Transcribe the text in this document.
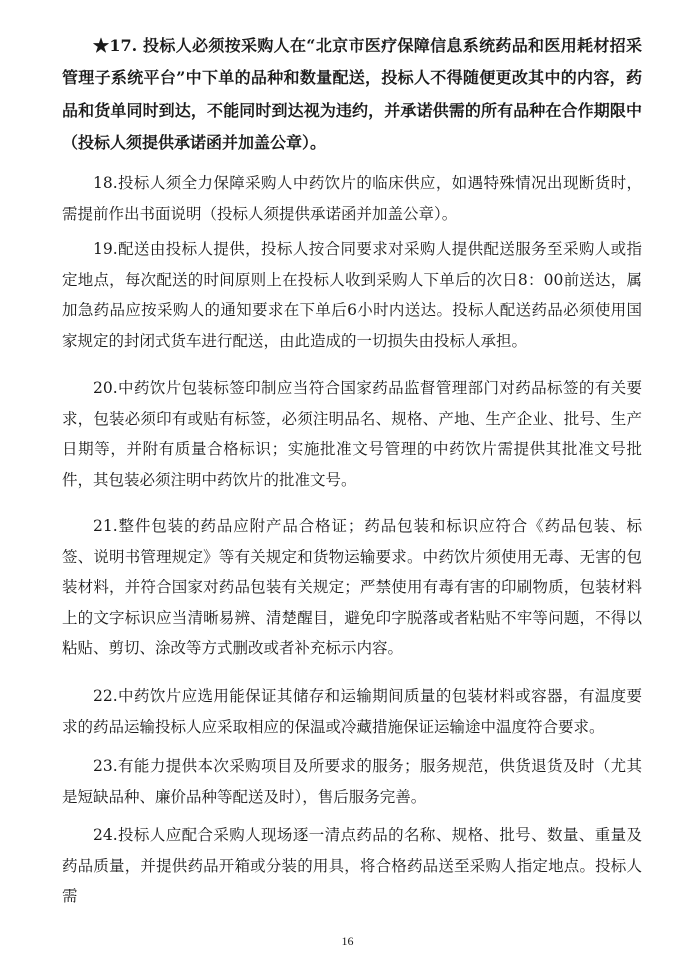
★17. 投标人必须按采购人在“北京市医疗保障信息系统药品和医用耗材招采管理子系统平台”中下单的品种和数量配送，投标人不得随便更改其中的内容，药品和货单同时到达，不能同时到达视为违约，并承诺供需的所有品种在合作期限中（投标人须提供承诺函并加盖公章）。

18.投标人须全力保障采购人中药饮片的临床供应，如遇特殊情况出现断货时，需提前作出书面说明（投标人须提供承诺函并加盖公章）。

19.配送由投标人提供，投标人按合同要求对采购人提供配送服务至采购人或指定地点，每次配送的时间原则上在投标人收到采购人下单后的次日8：00前送达，属加急药品应按采购人的通知要求在下单后6小时内送达。投标人配送药品必须使用国家规定的封闭式货车进行配送，由此造成的一切损失由投标人承担。

20.中药饮片包装标签印制应当符合国家药品监督管理部门对药品标签的有关要求，包装必须印有或贴有标签，必须注明品名、规格、产地、生产企业、批号、生产日期等，并附有质量合格标识；实施批准文号管理的中药饮片需提供其批准文号批件，其包装必须注明中药饮片的批准文号。

21.整件包装的药品应附产品合格证；药品包装和标识应符合《药品包装、标签、说明书管理规定》等有关规定和货物运输要求。中药饮片须使用无毒、无害的包装材料，并符合国家对药品包装有关规定；严禁使用有毒有害的印刷物质，包装材料上的文字标识应当清晰易辨、清楚醒目，避免印字脱落或者粘贴不牢等问题，不得以粘贴、剪切、涂改等方式删改或者补充标示内容。

22.中药饮片应选用能保证其储存和运输期间质量的包装材料或容器，有温度要求的药品运输投标人应采取相应的保温或冷藏措施保证运输途中温度符合要求。

23.有能力提供本次采购项目及所要求的服务；服务规范，供货退货及时（尤其是短缺品种、廉价品种等配送及时），售后服务完善。

24.投标人应配合采购人现场逐一清点药品的名称、规格、批号、数量、重量及药品质量，并提供药品开箱或分装的用具，将合格药品送至采购人指定地点。投标人需

16
